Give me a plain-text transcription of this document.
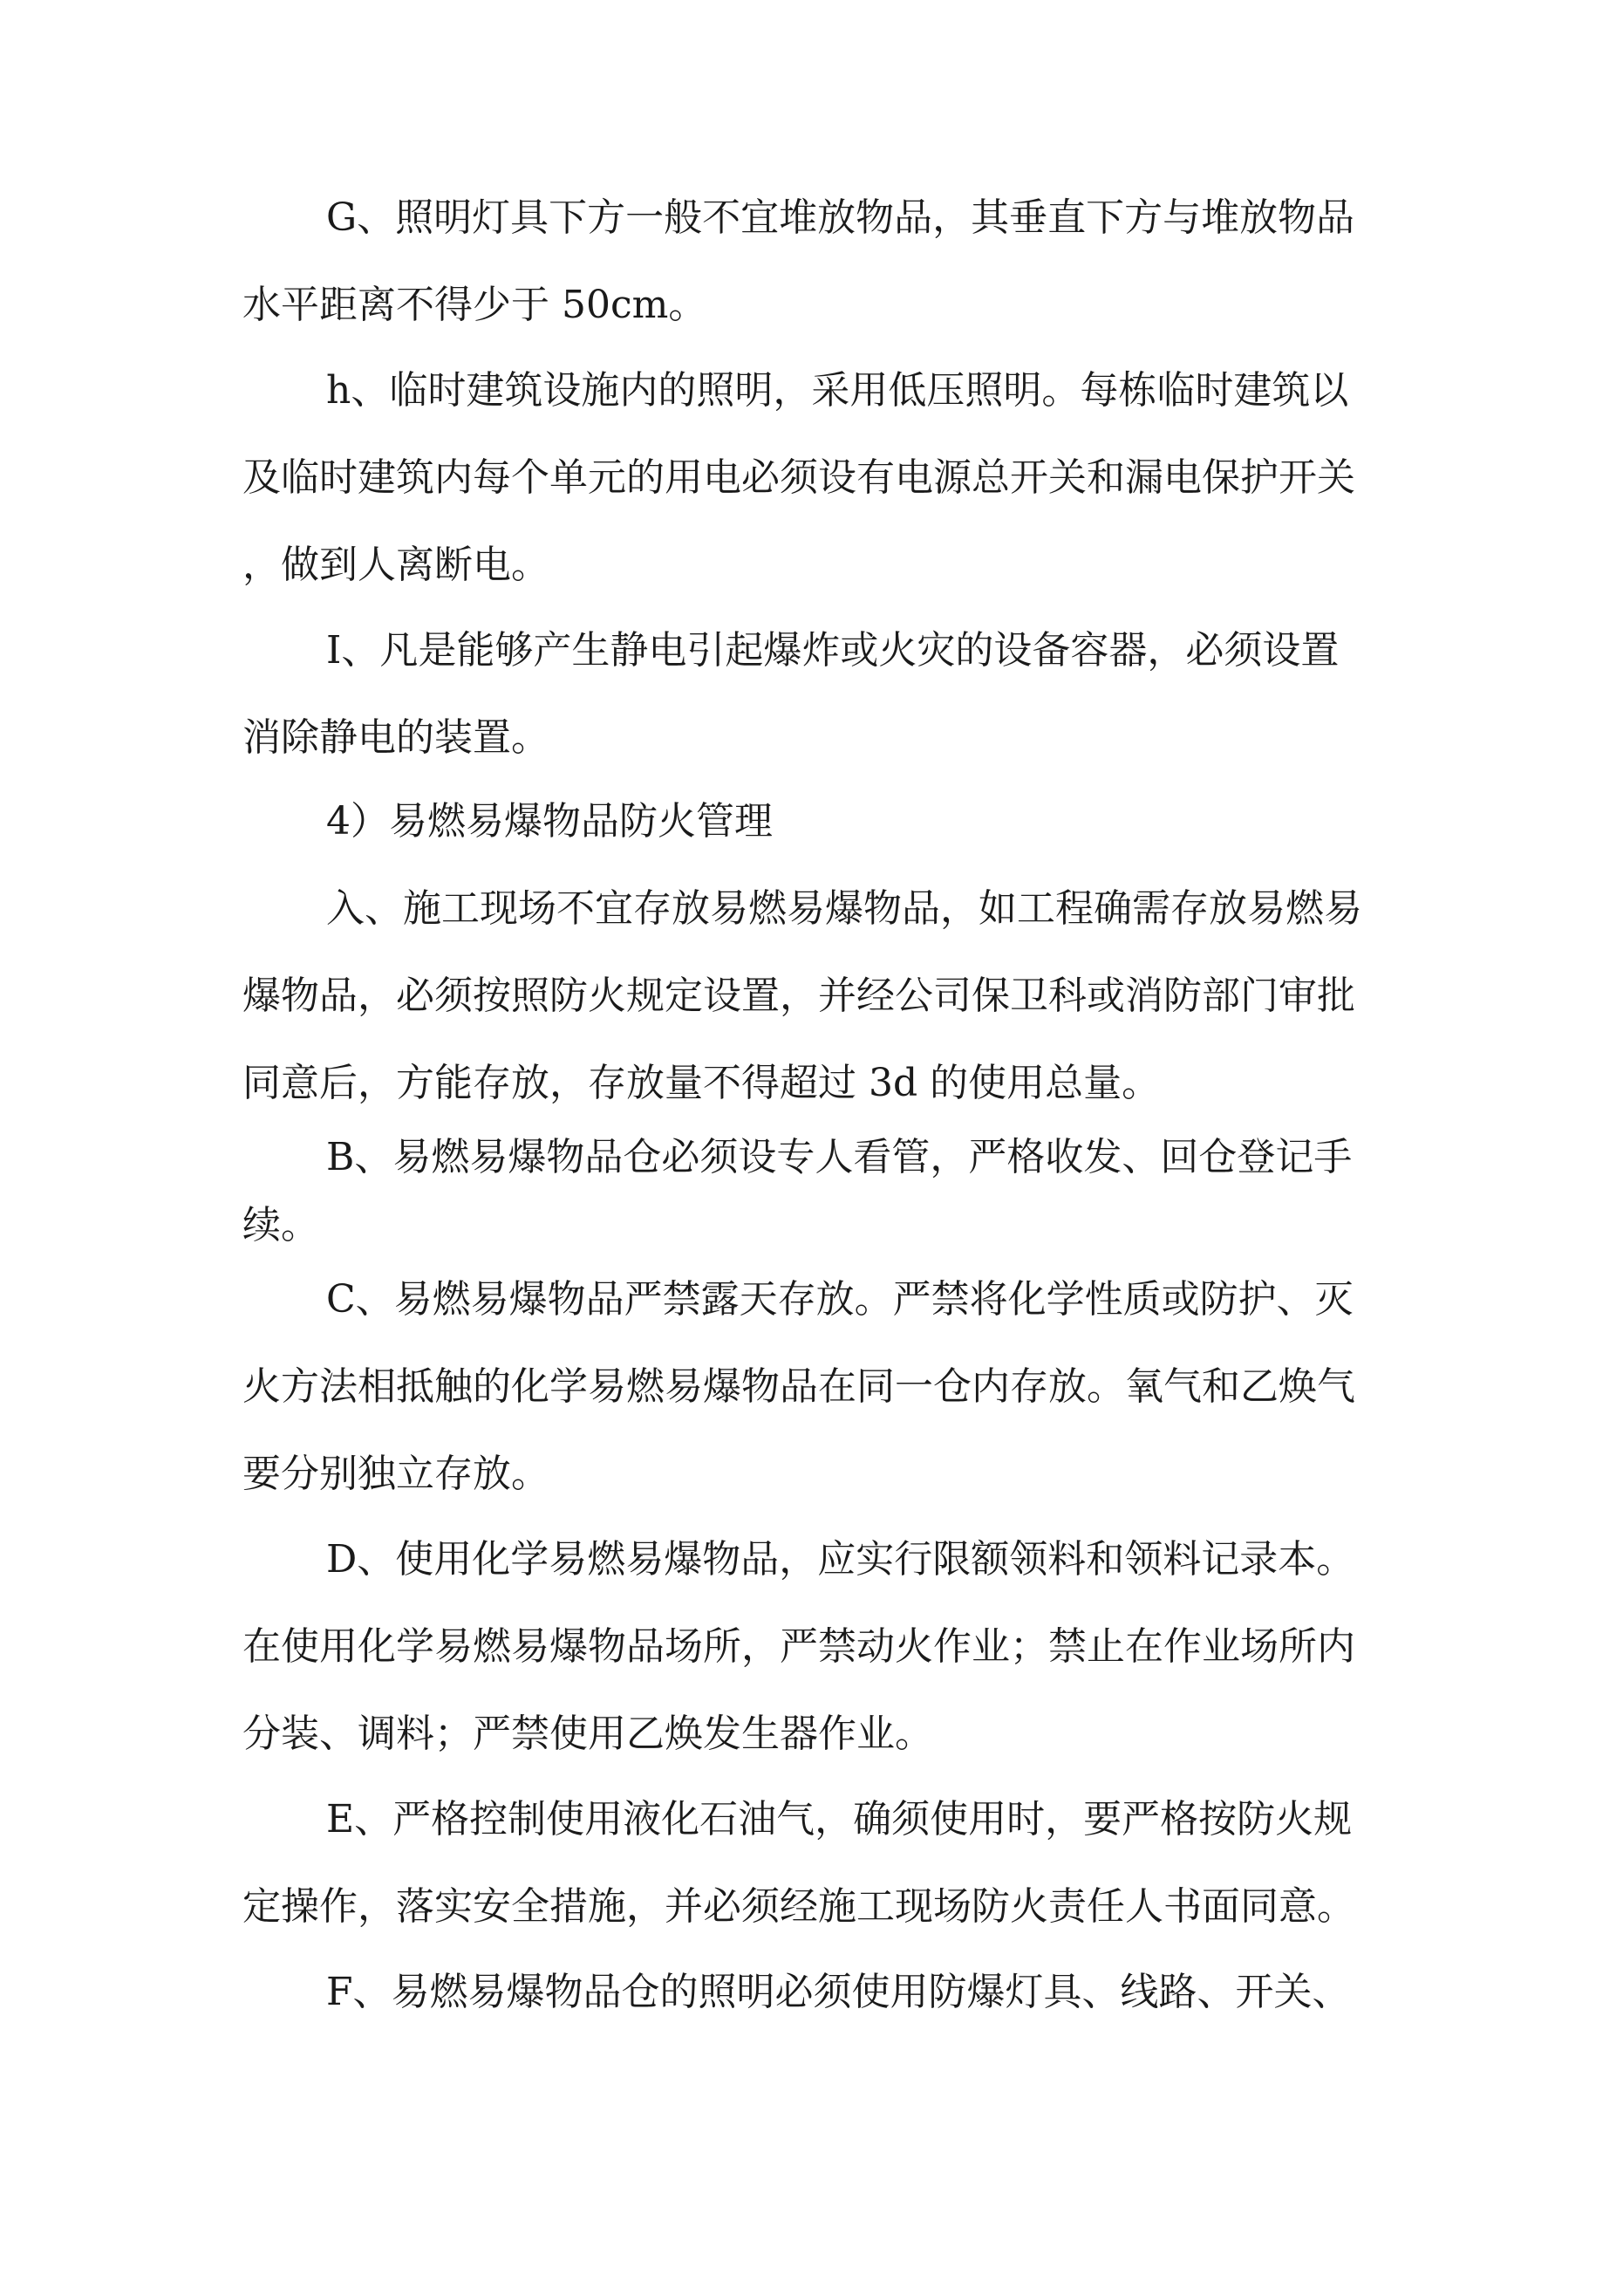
G、照明灯具下方一般不宜堆放物品，其垂直下方与堆放物品
水平距离不得少于 50cm。
h、临时建筑设施内的照明，采用低压照明。每栋临时建筑以
及临时建筑内每个单元的用电必须设有电源总开关和漏电保护开关
，做到人离断电。
I、凡是能够产生静电引起爆炸或火灾的设备容器，必须设置
消除静电的装置。
4）易燃易爆物品防火管理
入、施工现场不宜存放易燃易爆物品，如工程确需存放易燃易
爆物品，必须按照防火规定设置，并经公司保卫科或消防部门审批
同意后，方能存放，存放量不得超过 3d 的使用总量。
B、易燃易爆物品仓必须设专人看管，严格收发、回仓登记手
续。
C、易燃易爆物品严禁露天存放。严禁将化学性质或防护、灭
火方法相抵触的化学易燃易爆物品在同一仓内存放。氧气和乙焕气
要分别独立存放。
D、使用化学易燃易爆物品，应实行限额领料和领料记录本。
在使用化学易燃易爆物品场所，严禁动火作业；禁止在作业场所内
分装、调料；严禁使用乙焕发生器作业。
E、严格控制使用液化石油气，确须使用时，要严格按防火规
定操作，落实安全措施，并必须经施工现场防火责任人书面同意。
F、易燃易爆物品仓的照明必须使用防爆灯具、线路、开关、
